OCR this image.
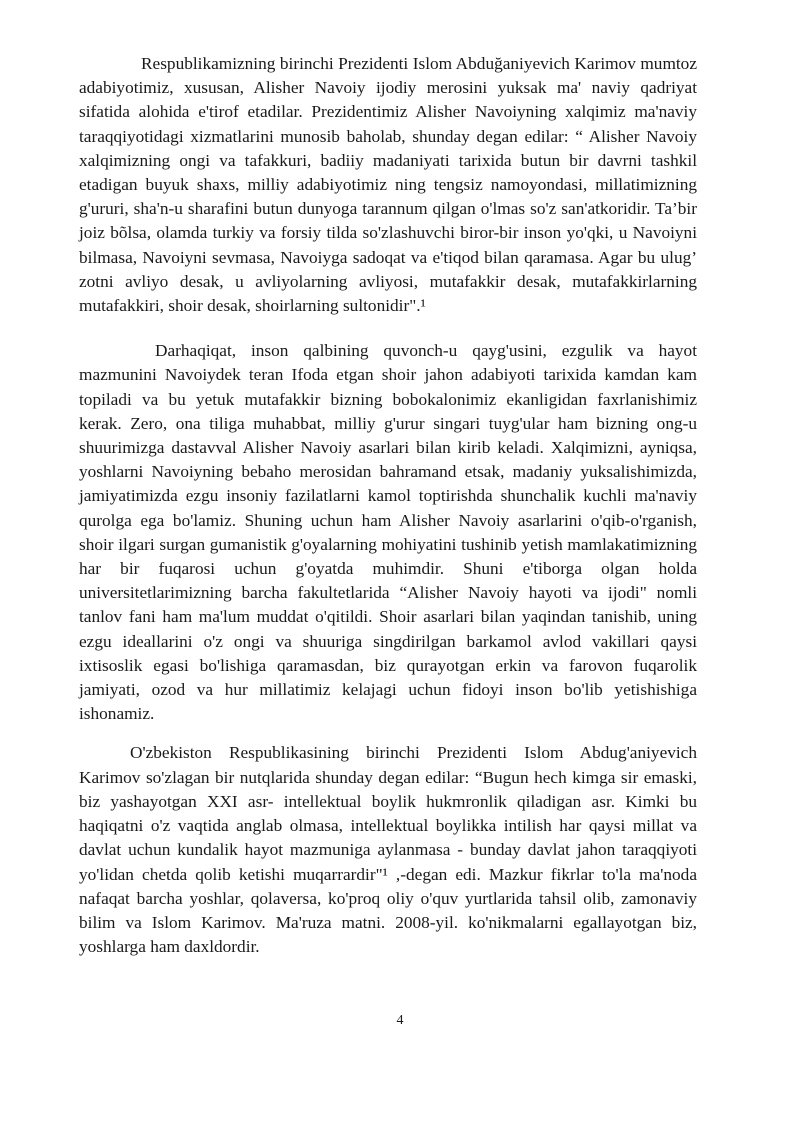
Respublikamizning birinchi Prezidenti Islom Abduğaniyevich Karimov mumtoz adabiyotimiz, xususan, Alisher Navoiy ijodiy merosini yuksak ma' naviy qadriyat sifatida alohida e'tirof etadilar. Prezidentimiz Alisher Navoiyning xalqimiz ma'naviy taraqqiyotidagi xizmatlarini munosib baholab, shunday degan edilar: “ Alisher Navoiy xalqimizning ongi va tafakkuri, badiiy madaniyati tarixida butun bir davrni tashkil etadigan buyuk shaxs, milliy adabiyotimiz ning tengsiz namoyondasi, millatimizning g'ururi, sha'n-u sharafini butun dunyoga tarannum qilgan o'lmas so'z san'atkoridir. Ta’bir joiz bõlsa, olamda turkiy va forsiy tilda so'zlashuvchi biror-bir inson yo'qki, u Navoiyni bilmasa, Navoiyni sevmasa, Navoiyga sadoqat va e'tiqod bilan qaramasa. Agar bu ulug’ zotni avliyo desak, u avliyolarning avliyosi, mutafakkir desak, mutafakkirlarning mutafakkiri, shoir desak, shoirlarning sultonidir".¹

Darhaqiqat, inson qalbining quvonch-u qayg'usini, ezgulik va hayot mazmunini Navoiydek teran Ifoda etgan shoir jahon adabiyoti tarixida kamdan kam topiladi va bu yetuk mutafakkir bizning bobokalonimiz ekanligidan faxrlanishimiz kerak. Zero, ona tiliga muhabbat, milliy g'urur singari tuyg'ular ham bizning ong-u shuurimizga dastavval Alisher Navoiy asarlari bilan kirib keladi. Xalqimizni, ayniqsa, yoshlarni Navoiyning bebaho merosidan bahramand etsak, madaniy yuksalishimizda, jamiyatimizda ezgu insoniy fazilatlarni kamol toptirishda shunchalik kuchli ma'naviy qurolga ega bo'lamiz. Shuning uchun ham Alisher Navoiy asarlarini o'qib-o'rganish, shoir ilgari surgan gumanistik g'oyalarning mohiyatini tushinib yetish mamlakatimizning har bir fuqarosi uchun g'oyatda muhimdir. Shuni e'tiborga olgan holda universitetlarimizning barcha fakultetlarida “Alisher Navoiy hayoti va ijodi" nomli tanlov fani ham ma'lum muddat o'qitildi. Shoir asarlari bilan yaqindan tanishib, uning ezgu ideallarini o'z ongi va shuuriga singdirilgan barkamol avlod vakillari qaysi ixtisoslik egasi bo'lishiga qaramasdan, biz qurayotgan erkin va farovon fuqarolik jamiyati, ozod va hur millatimiz kelajagi uchun fidoyi inson bo'lib yetishishiga ishonamiz.

O'zbekiston Respublikasining birinchi Prezidenti Islom Abdug'aniyevich Karimov so'zlagan bir nutqlarida shunday degan edilar: “Bugun hech kimga sir emaski, biz yashayotgan XXI asr- intellektual boylik hukmronlik qiladigan asr. Kimki bu haqiqatni o'z vaqtida anglab olmasa, intellektual boylikka intilish har qaysi millat va davlat uchun kundalik hayot mazmuniga aylanmasa - bunday davlat jahon taraqqiyoti yo'lidan chetda qolib ketishi muqarrardir"¹ ,-degan edi. Mazkur fikrlar to'la ma'noda nafaqat barcha yoshlar, qolaversa, ko'proq oliy o'quv yurtlarida tahsil olib, zamonaviy bilim va Islom Karimov. Ma'ruza matni. 2008-yil. ko'nikmalarni egallayotgan biz, yoshlarga ham daxldordir.

4
